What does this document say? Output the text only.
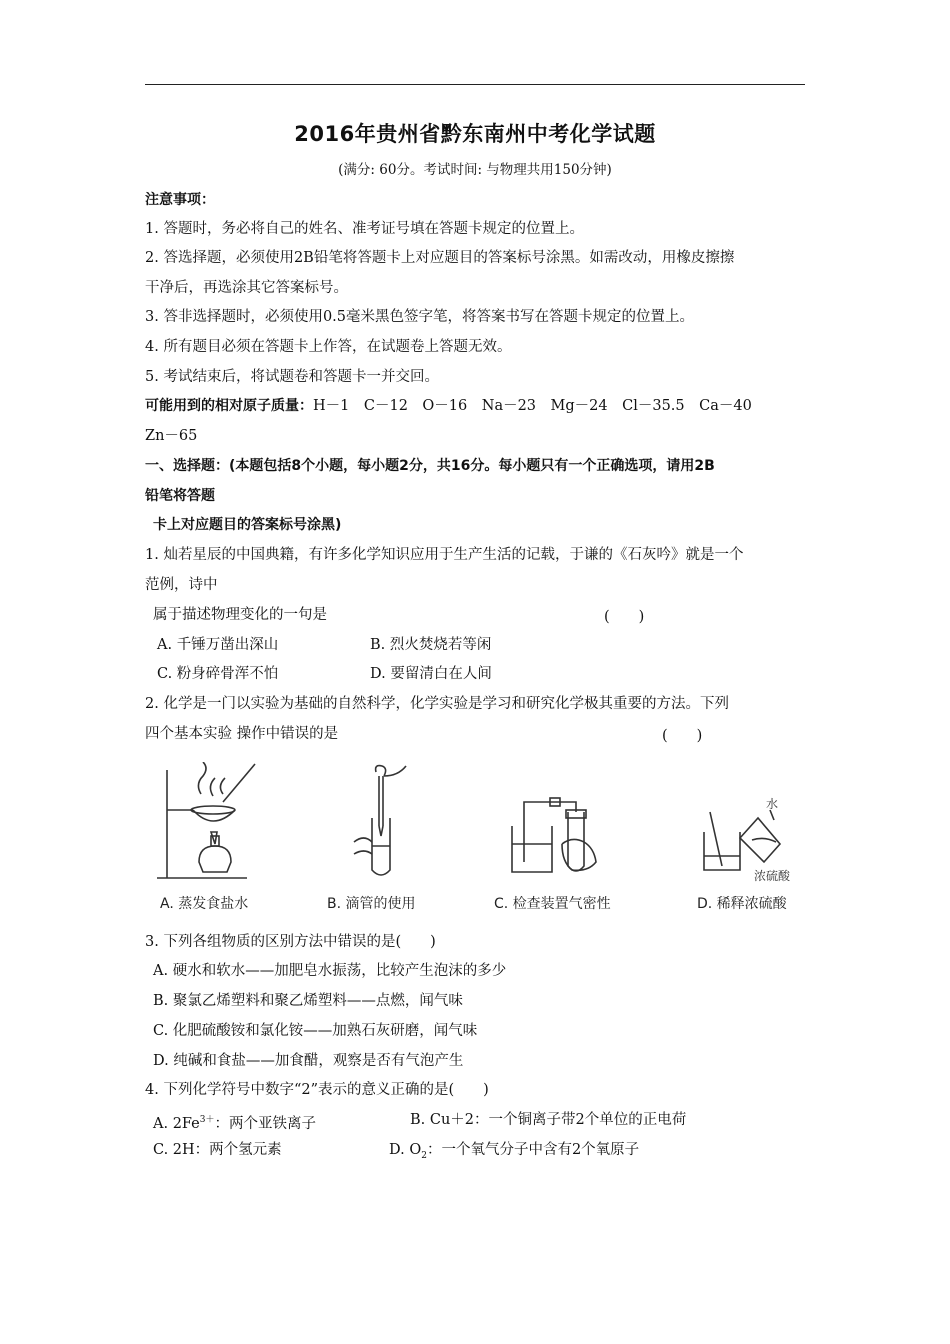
2016年贵州省黔东南州中考化学试题
(满分: 60分。考试时间: 与物理共用150分钟)
注意事项：
1. 答题时，务必将自己的姓名、准考证号填在答题卡规定的位置上。
2. 答选择题，必须使用2B铅笔将答题卡上对应题目的答案标号涂黑。如需改动，用橡皮擦擦
干净后，再选涂其它答案标号。
3. 答非选择题时，必须使用0.5毫米黑色签字笔，将答案书写在答题卡规定的位置上。
4. 所有题目必须在答题卡上作答，在试题卷上答题无效。
5. 考试结束后，将试题卷和答题卡一并交回。
可能用到的相对原子质量：H－1　C－12　O－16　Na－23　Mg－24　Cl－35.5　Ca－40
Zn－65
一、选择题：(本题包括8个小题，每小题2分，共16分。每小题只有一个正确选项，请用2B
铅笔将答题
卡上对应题目的答案标号涂黑)
1. 灿若星辰的中国典籍，有许多化学知识应用于生产生活的记载，于谦的《石灰吟》就是一个
范例，诗中
属于描述物理变化的一句是	(　　)
A. 千锤万凿出深山	B. 烈火焚烧若等闲
C. 粉身碎骨浑不怕	D. 要留清白在人间
2. 化学是一门以实验为基础的自然科学，化学实验是学习和研究化学极其重要的方法。下列
四个基本实验 操作中错误的是	(　　)
水
浓硫酸
A. 蒸发食盐水	B. 滴管的使用	C. 检查装置气密性	D. 稀释浓硫酸
3. 下列各组物质的区别方法中错误的是(　　)
A. 硬水和软水——加肥皂水振荡，比较产生泡沫的多少
B. 聚氯乙烯塑料和聚乙烯塑料——点燃，闻气味
C. 化肥硫酸铵和氯化铵——加熟石灰研磨，闻气味
D. 纯碱和食盐——加食醋，观察是否有气泡产生
4. 下列化学符号中数字“2”表示的意义正确的是(　　)
A. $2Fe^{3+}$：两个亚铁离子	B. Cu＋2：一个铜离子带2个单位的正电荷
C. 2H：两个氢元素	D. $O_2$：一个氧气分子中含有2个氧原子
